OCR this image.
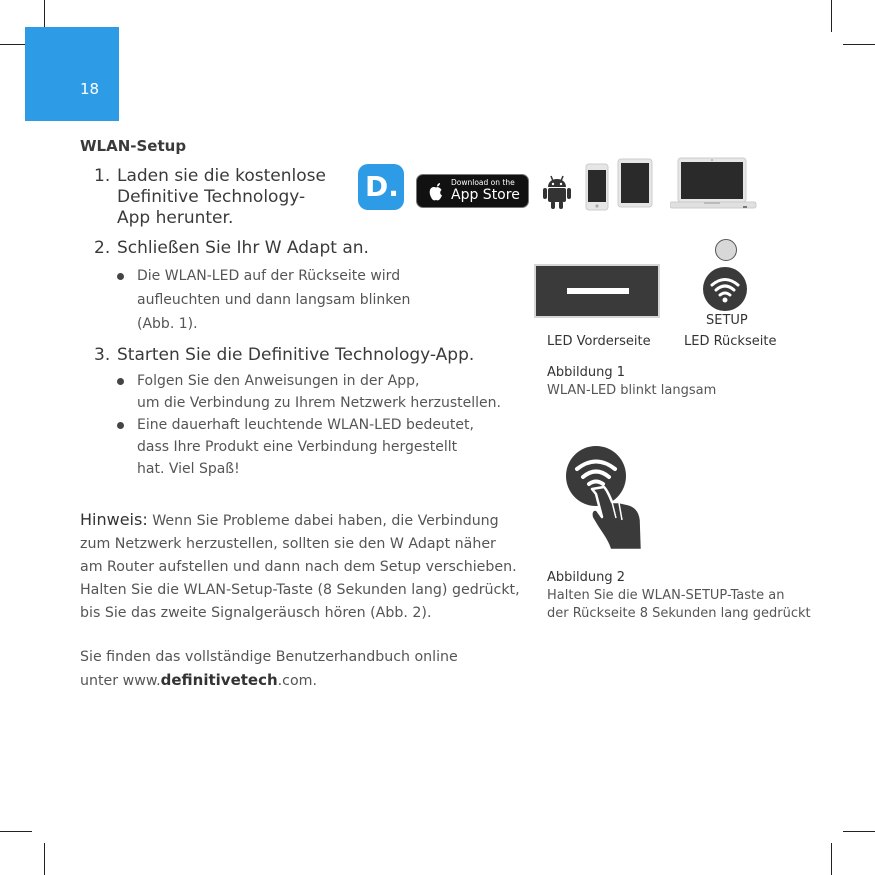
18
WLAN-Setup
1. Laden sie die kostenlose
Definitive Technology-
App herunter.
2. Schließen Sie Ihr W Adapt an.
Die WLAN-LED auf der Rückseite wird
aufleuchten und dann langsam blinken
(Abb. 1).
3. Starten Sie die Definitive Technology-App.
Folgen Sie den Anweisungen in der App,
um die Verbindung zu Ihrem Netzwerk herzustellen.
Eine dauerhaft leuchtende WLAN-LED bedeutet,
dass Ihre Produkt eine Verbindung hergestellt
hat. Viel Spaß!
Hinweis: Wenn Sie Probleme dabei haben, die Verbindung
zum Netzwerk herzustellen, sollten sie den W Adapt näher
am Router aufstellen und dann nach dem Setup verschieben.
Halten Sie die WLAN-Setup-Taste (8 Sekunden lang) gedrückt,
bis Sie das zweite Signalgeräusch hören (Abb. 2).
Sie finden das vollständige Benutzerhandbuch online
unter www.definitivetech.com.
D.	Download on the
App Store
SETUP
LED Vorderseite	LED Rückseite
Abbildung 1
WLAN-LED blinkt langsam
Abbildung 2
Halten Sie die WLAN-SETUP-Taste an
der Rückseite 8 Sekunden lang gedrückt
